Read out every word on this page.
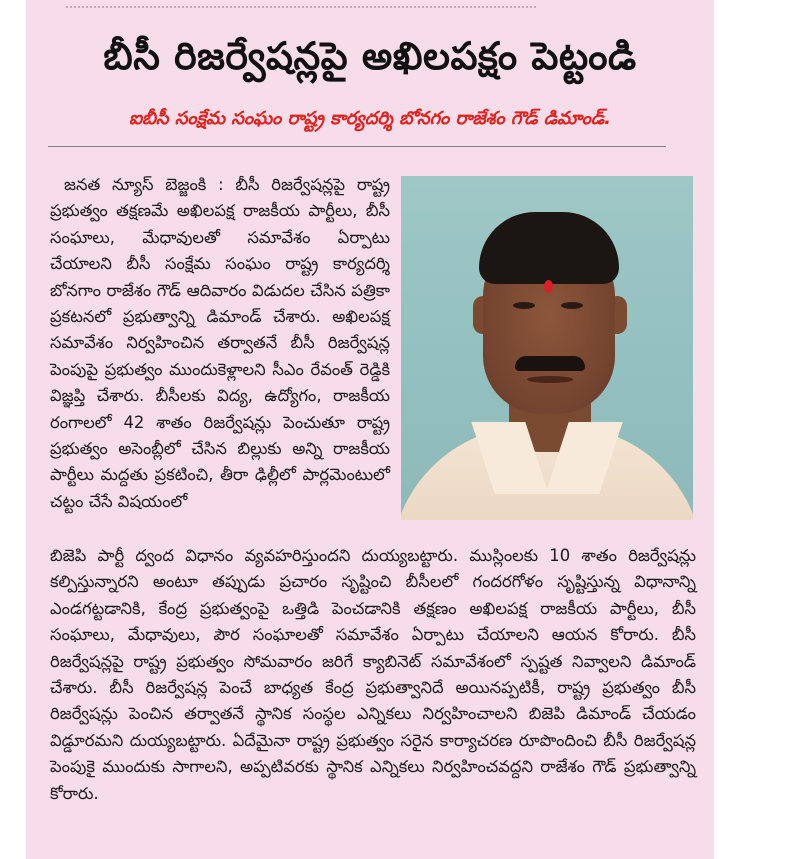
బీసీ రిజర్వేషన్లపై అఖిలపక్షం పెట్టండి
ఐబీసీ సంక్షేమ సంఘం రాష్ట్ర కార్యదర్శి బోనగం రాజేశం గౌడ్ డిమాండ్.
జనత న్యూస్ బెజ్జంకి : బీసీ రిజర్వేషన్లపై రాష్ట్ర ప్రభుత్వం తక్షణమే అఖిలపక్ష రాజకీయ పార్టీలు, బీసీ సంఘాలు, మేధావులతో సమావేశం ఏర్పాటు చేయాలని బీసీ సంక్షేమ సంఘం రాష్ట్ర కార్యదర్శి బోనగాం రాజేశం గౌడ్ ఆదివారం విడుదల చేసిన పత్రికా ప్రకటనలో ప్రభుత్వాన్ని డిమాండ్ చేశారు. అఖిలపక్ష సమావేశం నిర్వహించిన తర్వాతనే బీసీ రిజర్వేషన్ల పెంపుపై ప్రభుత్వం ముందుకెళ్లాలని సీఎం రేవంత్ రెడ్డికి విజ్ఞప్తి చేశారు. బీసీలకు విద్య, ఉద్యోగం, రాజకీయ రంగాలలో 42 శాతం రిజర్వేషన్లు పెంచుతూ రాష్ట్ర ప్రభుత్వం అసెంబ్లీలో చేసిన బిల్లుకు అన్ని రాజకీయ పార్టీలు మద్దతు ప్రకటించి, తీరా ఢిల్లీలో పార్లమెంటులో చట్టం చేసే విషయంలో
బిజెపి పార్టీ ద్వంద విధానం వ్యవహరిస్తుందని దుయ్యబట్టారు. ముస్లింలకు 10 శాతం రిజర్వేషన్లు కల్పిస్తున్నారని అంటూ తప్పుడు ప్రచారం సృష్టించి బీసీలలో గందరగోళం సృష్టిస్తున్న విధానాన్ని ఎండగట్టడానికి, కేంద్ర ప్రభుత్వంపై ఒత్తిడి పెంచడానికి తక్షణం అఖిలపక్ష రాజకీయ పార్టీలు, బీసీ సంఘాలు, మేధావులు, పౌర సంఘాలతో సమావేశం ఏర్పాటు చేయాలని ఆయన కోరారు. బీసీ రిజర్వేషన్లపై రాష్ట్ర ప్రభుత్వం సోమవారం జరిగే క్యాబినెట్ సమావేశంలో స్పష్టత నివ్వాలని డిమాండ్ చేశారు. బీసీ రిజర్వేషన్ల పెంచే బాధ్యత కేంద్ర ప్రభుత్వానిదే అయినప్పటికీ, రాష్ట్ర ప్రభుత్వం బీసీ రిజర్వేషన్లు పెంచిన తర్వాతనే స్థానిక సంస్థల ఎన్నికలు నిర్వహించాలని బిజెపి డిమాండ్ చేయడం విడ్డూరమని దుయ్యబట్టారు. ఏదేమైనా రాష్ట్ర ప్రభుత్వం సరైన కార్యాచరణ రూపొందించి బీసీ రిజర్వేషన్ల పెంపుకై ముందుకు సాగాలని, అప్పటివరకు స్థానిక ఎన్నికలు నిర్వహించవద్దని రాజేశం గౌడ్ ప్రభుత్వాన్ని కోరారు.
